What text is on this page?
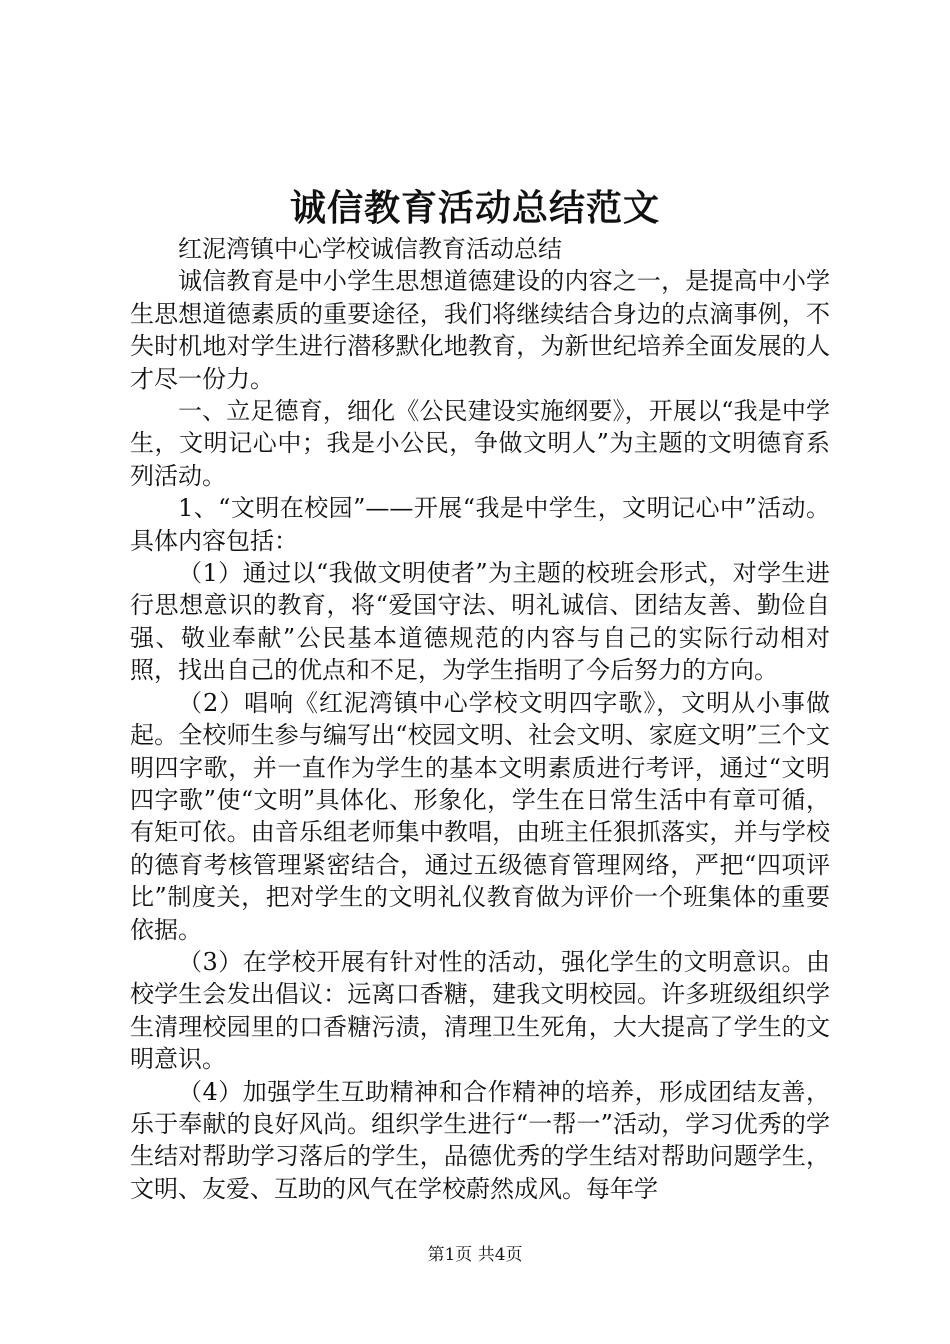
诚信教育活动总结范文

红泥湾镇中心学校诚信教育活动总结

诚信教育是中小学生思想道德建设的内容之一，是提高中小学生思想道德素质的重要途径，我们将继续结合身边的点滴事例，不失时机地对学生进行潜移默化地教育，为新世纪培养全面发展的人才尽一份力。

一、立足德育，细化《公民建设实施纲要》，开展以“我是中学生，文明记心中；我是小公民，争做文明人”为主题的文明德育系列活动。

1、“文明在校园”——开展“我是中学生，文明记心中”活动。具体内容包括：

（1）通过以“我做文明使者”为主题的校班会形式，对学生进行思想意识的教育，将“爱国守法、明礼诚信、团结友善、勤俭自强、敬业奉献”公民基本道德规范的内容与自己的实际行动相对照，找出自己的优点和不足，为学生指明了今后努力的方向。

（2）唱响《红泥湾镇中心学校文明四字歌》，文明从小事做起。全校师生参与编写出“校园文明、社会文明、家庭文明”三个文明四字歌，并一直作为学生的基本文明素质进行考评，通过“文明四字歌”使“文明”具体化、形象化，学生在日常生活中有章可循，有矩可依。由音乐组老师集中教唱，由班主任狠抓落实，并与学校的德育考核管理紧密结合，通过五级德育管理网络，严把“四项评比”制度关，把对学生的文明礼仪教育做为评价一个班集体的重要依据。

（3）在学校开展有针对性的活动，强化学生的文明意识。由校学生会发出倡议：远离口香糖，建我文明校园。许多班级组织学生清理校园里的口香糖污渍，清理卫生死角，大大提高了学生的文明意识。

（4）加强学生互助精神和合作精神的培养，形成团结友善，乐于奉献的良好风尚。组织学生进行“一帮一”活动，学习优秀的学生结对帮助学习落后的学生，品德优秀的学生结对帮助问题学生，文明、友爱、互助的风气在学校蔚然成风。每年学

第1页 共4页
